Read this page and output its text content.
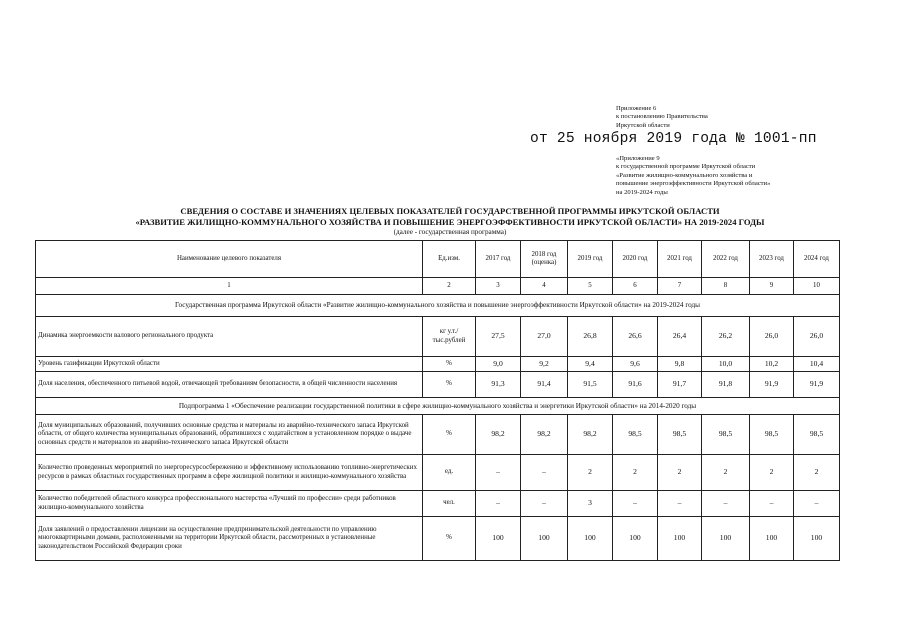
Приложение 6
к постановлению Правительства
Иркутской области
от 25 ноября 2019 года № 1001-пп
«Приложение 9
к государственной программе Иркутской области
«Развитие жилищно-коммунального хозяйства и
повышение энергоэффективности Иркутской области»
на 2019-2024 годы
СВЕДЕНИЯ О СОСТАВЕ И ЗНАЧЕНИЯХ ЦЕЛЕВЫХ ПОКАЗАТЕЛЕЙ ГОСУДАРСТВЕННОЙ ПРОГРАММЫ ИРКУТСКОЙ ОБЛАСТИ
«РАЗВИТИЕ ЖИЛИЩНО-КОММУНАЛЬНОГО ХОЗЯЙСТВА И ПОВЫШЕНИЕ ЭНЕРГОЭФФЕКТИВНОСТИ ИРКУТСКОЙ ОБЛАСТИ» НА 2019-2024 ГОДЫ
(далее - государственная программа)
Наименование целевого показателя	Ед.изм.	2017 год	2018 год (оценка)	2019 год	2020 год	2021 год	2022 год	2023 год	2024 год
1	2	3	4	5	6	7	8	9	10
Государственная программа Иркутской области «Развитие жилищно-коммунального хозяйства и повышение энергоэффективности Иркутской области» на 2019-2024 годы									
Динамика энергоемкости валового регионального продукта	кг у.т./ тыс.рублей	27,5	27,0	26,8	26,6	26,4	26,2	26,0	26,0
Уровень газификации Иркутской области	%	9,0	9,2	9,4	9,6	9,8	10,0	10,2	10,4
Доля населения, обеспеченного питьевой водой, отвечающей требованиям безопасности, в общей численности населения	%	91,3	91,4	91,5	91,6	91,7	91,8	91,9	91,9
Подпрограмма 1 «Обеспечение реализации государственной политики в сфере жилищно-коммунального хозяйства и энергетики Иркутской области» на 2014-2020 годы									
Доля муниципальных образований, получивших основные средства и материалы из аварийно-технического запаса Иркутской области, от общего количества муниципальных образований, обратившихся с ходатайством в установленном порядке о выдаче основных средств и материалов из аварийно-технического запаса Иркутской области	%	98,2	98,2	98,2	98,5	98,5	98,5	98,5	98,5
Количество проведенных мероприятий по энергоресурсосбережению и эффективному использованию топливно-энергетических ресурсов в рамках областных государственных программ в сфере жилищной политики и жилищно-коммунального хозяйства	ед.	–	–	2	2	2	2	2	2
Количество победителей областного конкурса профессионального мастерства «Лучший по профессии» среди работников жилищно-коммунального хозяйства	чел.	–	–	3	–	–	–	–	–
Доля заявлений о предоставлении лицензии на осуществление предпринимательской деятельности по управлению многоквартирными домами, расположенными на территории Иркутской области, рассмотренных в установленные законодательством Российской Федерации сроки	%	100	100	100	100	100	100	100	100
